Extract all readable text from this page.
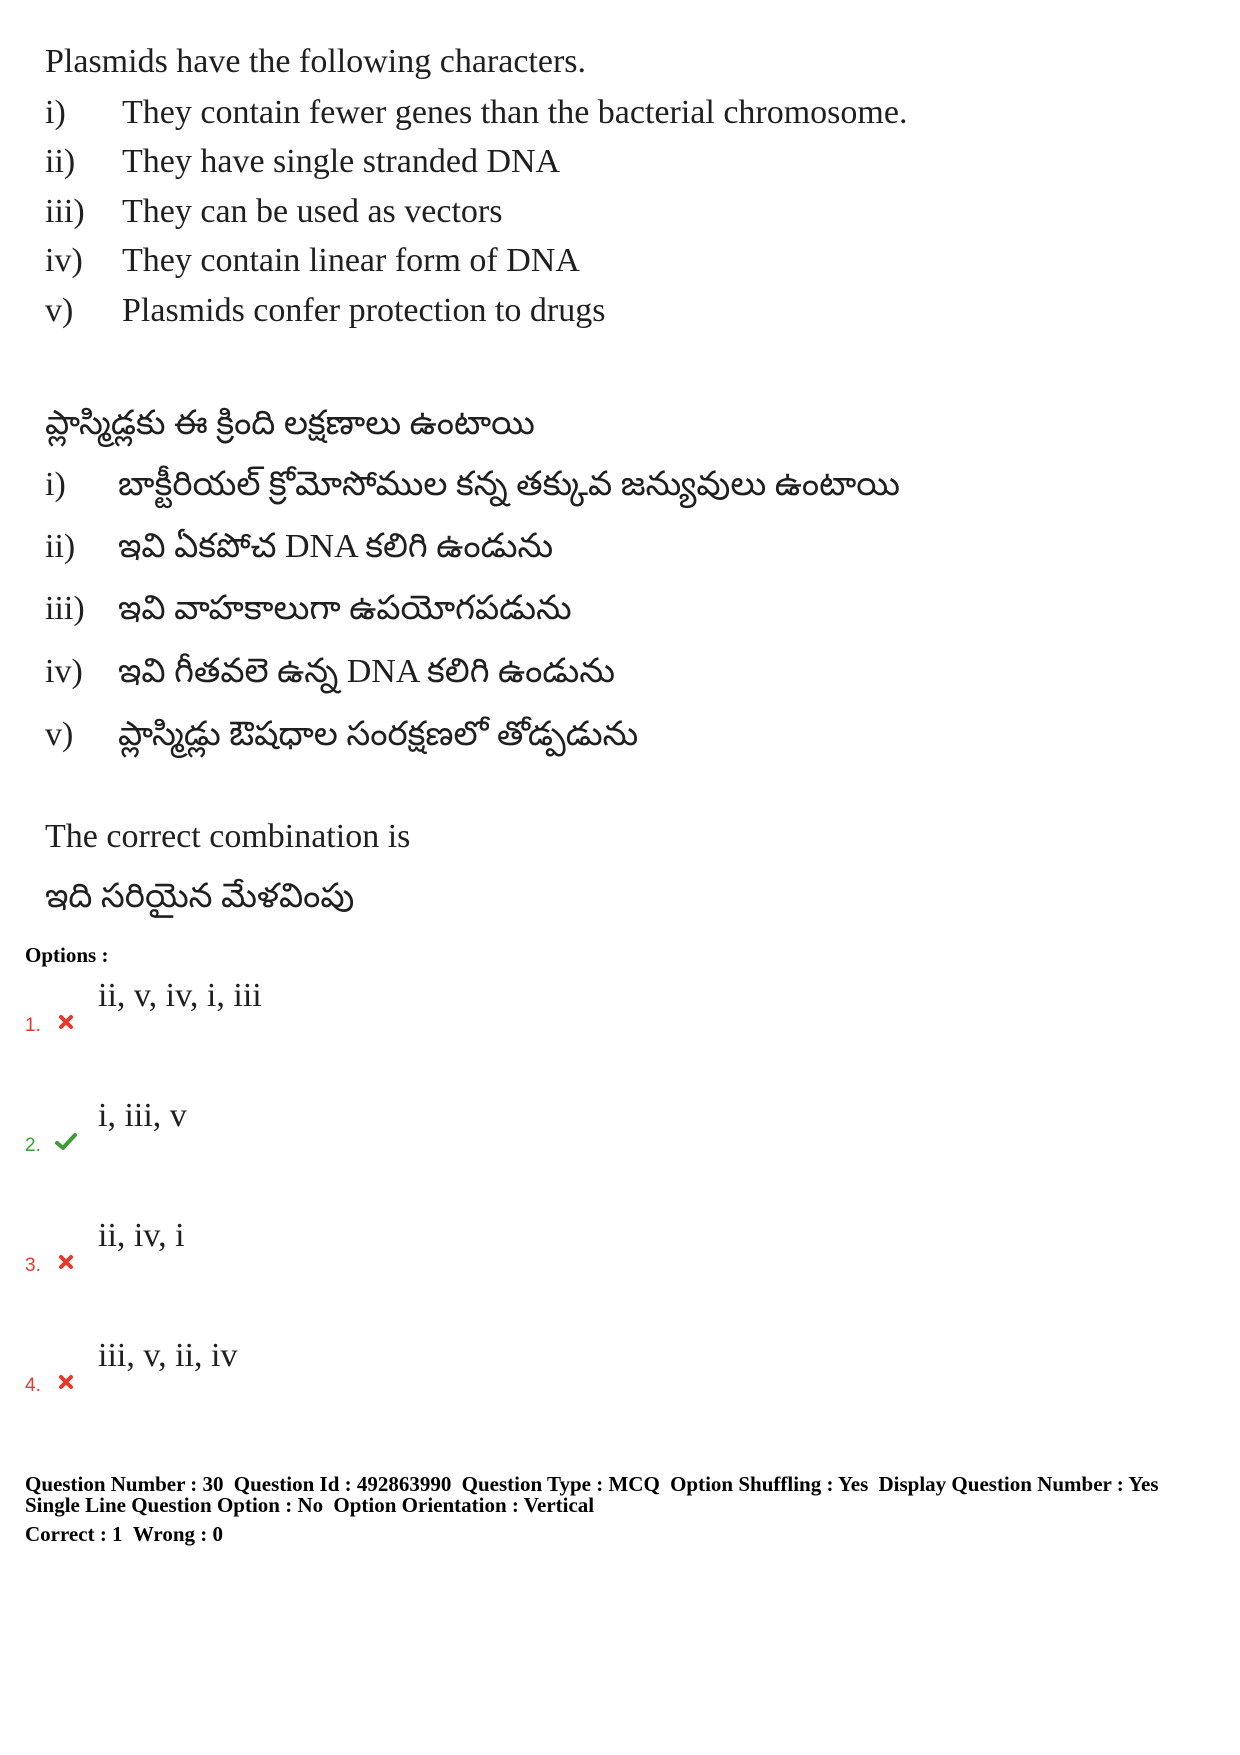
Plasmids have the following characters.
i) They contain fewer genes than the bacterial chromosome.
ii) They have single stranded DNA
iii) They can be used as vectors
iv) They contain linear form of DNA
v) Plasmids confer protection to drugs
ప్లాస్మిడ్లకు ఈ క్రింది లక్షణాలు ఉంటాయి
i) బాక్టీరియల్ క్రోమోసోముల కన్న తక్కువ జన్యువులు ఉంటాయి
ii) ఇవి ఏకపోచ DNA కలిగి ఉండును
iii) ఇవి వాహకాలుగా ఉపయోగపడును
iv) ఇవి గీతవలె ఉన్న DNA కలిగి ఉండును
v) ప్లాస్మిడ్లు ఔషధాల సంరక్షణలో తోడ్పడును
The correct combination is
ఇది సరియైన మేళవింపు
Options :
ii, v, iv, i, iii
1.
i, iii, v
2.
ii, iv, i
3.
iii, v, ii, iv
4.
Question Number : 30 Question Id : 492863990 Question Type : MCQ Option Shuffling : Yes Display Question Number : Yes
Single Line Question Option : No Option Orientation : Vertical
Correct : 1 Wrong : 0
